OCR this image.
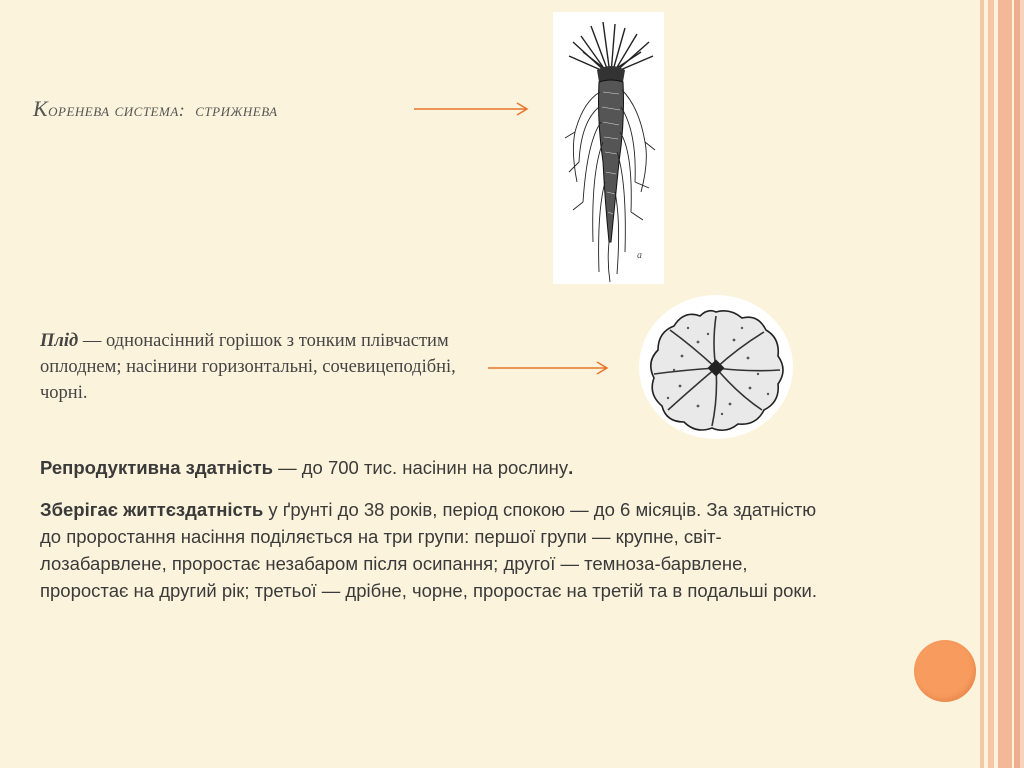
Коренева система: стрижнева
а
Плід — однонасінний горішок з тонким плівчастим оплоднем; насінини горизонтальні, сочевицеподібні, чорні.
Репродуктивна здатність — до 700 тис. насінин на рослину.
Зберігає життєздатність у ґрунті до 38 років, період спокою — до 6 місяців. За здатністю до проростання насіння поділяється на три групи: першої групи — крупне, світ-лозабарвлене, проростає незабаром після осипання; другої — темноза-барвлене, проростає на другий рік; третьої — дрібне, чорне, проростає на третій та в подальші роки.
